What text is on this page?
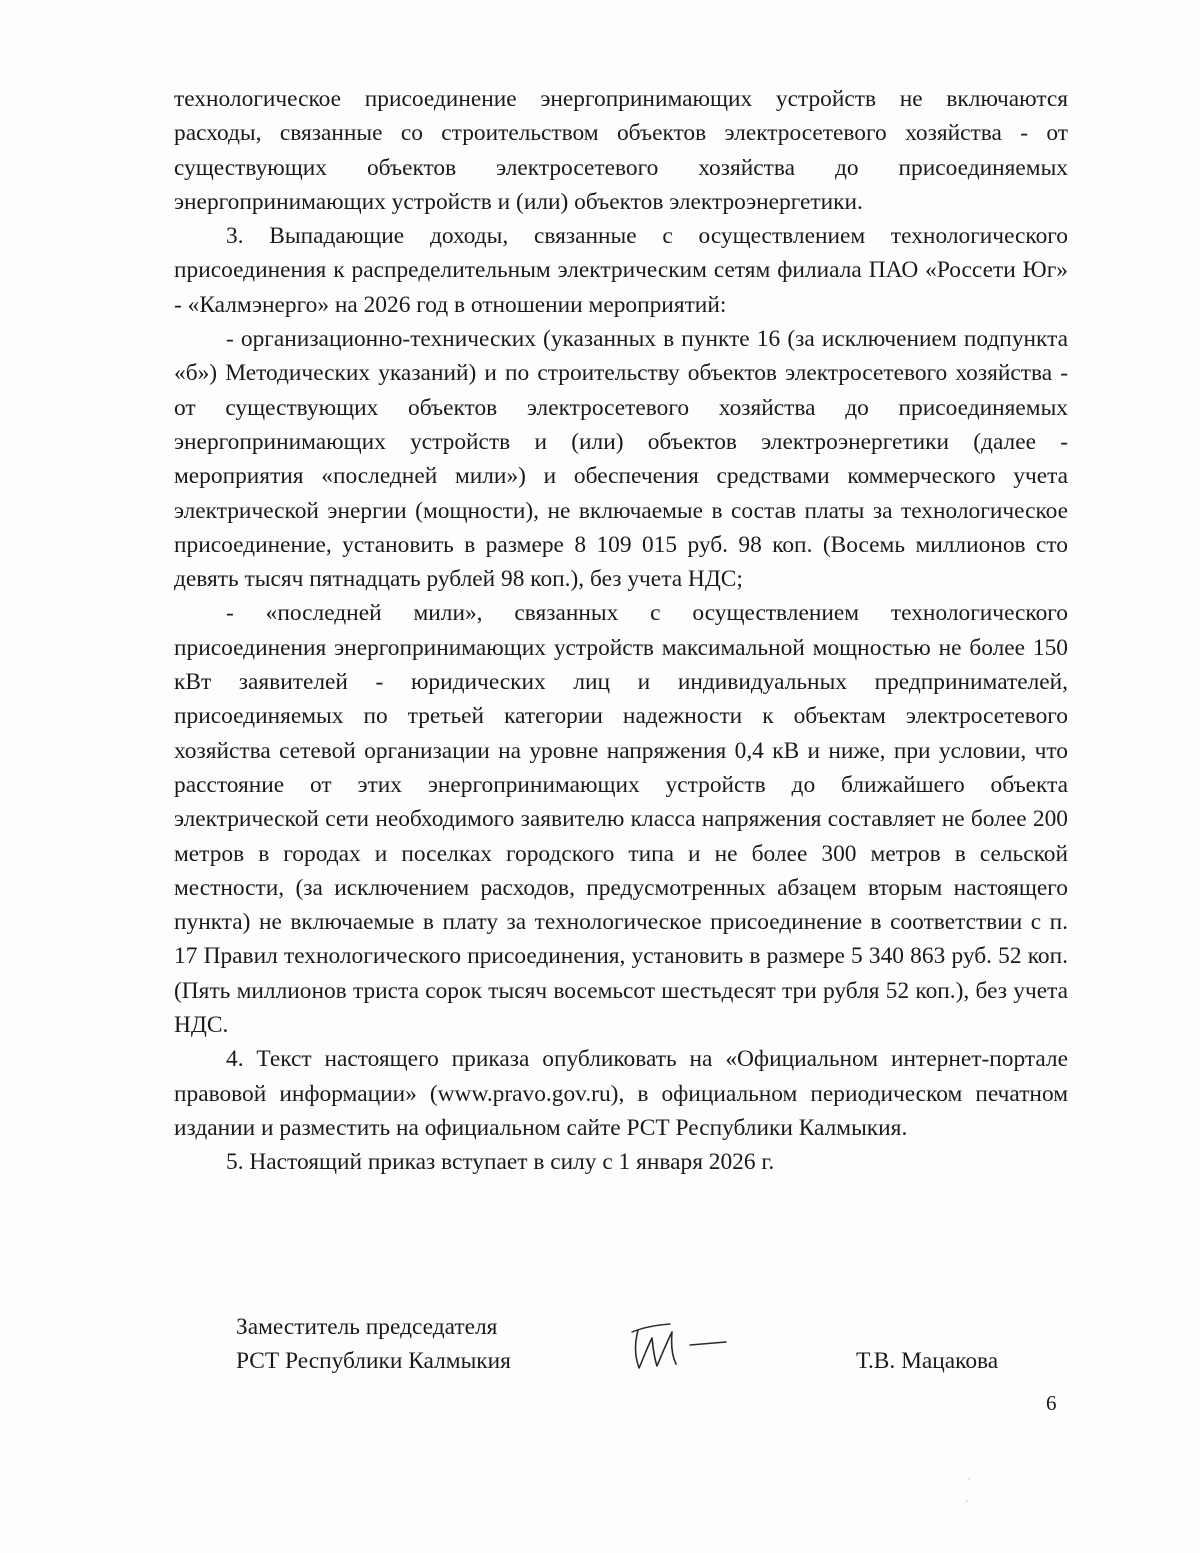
технологическое присоединение энергопринимающих устройств не включаются расходы, связанные со строительством объектов электросетевого хозяйства - от существующих объектов электросетевого хозяйства до присоединяемых энергопринимающих устройств и (или) объектов электроэнергетики.

3. Выпадающие доходы, связанные с осуществлением технологического присоединения к распределительным электрическим сетям филиала ПАО «Россети Юг» - «Калмэнерго» на 2026 год в отношении мероприятий:

- организационно-технических (указанных в пункте 16 (за исключением подпункта «б») Методических указаний) и по строительству объектов электросетевого хозяйства - от существующих объектов электросетевого хозяйства до присоединяемых энергопринимающих устройств и (или) объектов электроэнергетики (далее - мероприятия «последней мили») и обеспечения средствами коммерческого учета электрической энергии (мощности), не включаемые в состав платы за технологическое присоединение, установить в размере 8 109 015 руб. 98 коп. (Восемь миллионов сто девять тысяч пятнадцать рублей 98 коп.), без учета НДС;

- «последней мили», связанных с осуществлением технологического присоединения энергопринимающих устройств максимальной мощностью не более 150 кВт заявителей - юридических лиц и индивидуальных предпринимателей, присоединяемых по третьей категории надежности к объектам электросетевого хозяйства сетевой организации на уровне напряжения 0,4 кВ и ниже, при условии, что расстояние от этих энергопринимающих устройств до ближайшего объекта электрической сети необходимого заявителю класса напряжения составляет не более 200 метров в городах и поселках городского типа и не более 300 метров в сельской местности, (за исключением расходов, предусмотренных абзацем вторым настоящего пункта) не включаемые в плату за технологическое присоединение в соответствии с п. 17 Правил технологического присоединения, установить в размере 5 340 863 руб. 52 коп. (Пять миллионов триста сорок тысяч восемьсот шестьдесят три рубля 52 коп.), без учета НДС.

4. Текст настоящего приказа опубликовать на «Официальном интернет-портале правовой информации» (www.pravo.gov.ru), в официальном периодическом печатном издании и разместить на официальном сайте РСТ Республики Калмыкия.

5. Настоящий приказ вступает в силу с 1 января 2026 г.

Заместитель председателя
РСТ Республики Калмыкия	Т.В. Мацакова
6
